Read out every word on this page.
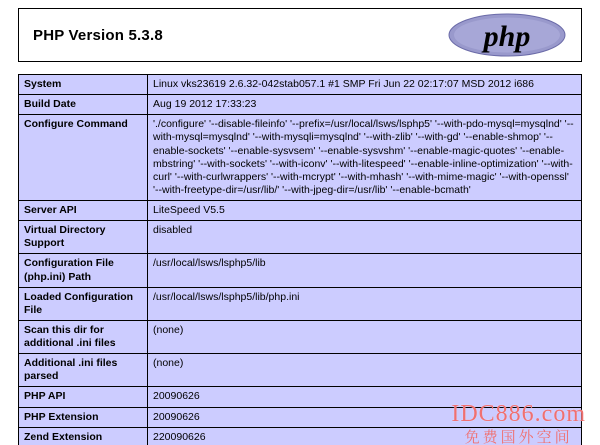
PHP Version 5.3.8	php
System	Linux vks23619 2.6.32-042stab057.1 #1 SMP Fri Jun 22 02:17:07 MSD 2012 i686
Build Date	Aug 19 2012 17:33:23
Configure Command	'./configure' '--disable-fileinfo' '--prefix=/usr/local/lsws/lsphp5' '--with-pdo-mysql=mysqlnd' '--with-mysql=mysqlnd' '--with-mysqli=mysqlnd' '--with-zlib' '--with-gd' '--enable-shmop' '--enable-sockets' '--enable-sysvsem' '--enable-sysvshm' '--enable-magic-quotes' '--enable-mbstring' '--with-sockets' '--with-iconv' '--with-litespeed' '--enable-inline-optimization' '--with-curl' '--with-curlwrappers' '--with-mcrypt' '--with-mhash' '--with-mime-magic' '--with-openssl' '--with-freetype-dir=/usr/lib/' '--with-jpeg-dir=/usr/lib' '--enable-bcmath'
Server API	LiteSpeed V5.5
Virtual Directory Support	disabled
Configuration File (php.ini) Path	/usr/local/lsws/lsphp5/lib
Loaded Configuration File	/usr/local/lsws/lsphp5/lib/php.ini
Scan this dir for additional .ini files	(none)
Additional .ini files parsed	(none)
PHP API	20090626
PHP Extension	20090626
Zend Extension	220090626
IDC886.com
免费国外空间
